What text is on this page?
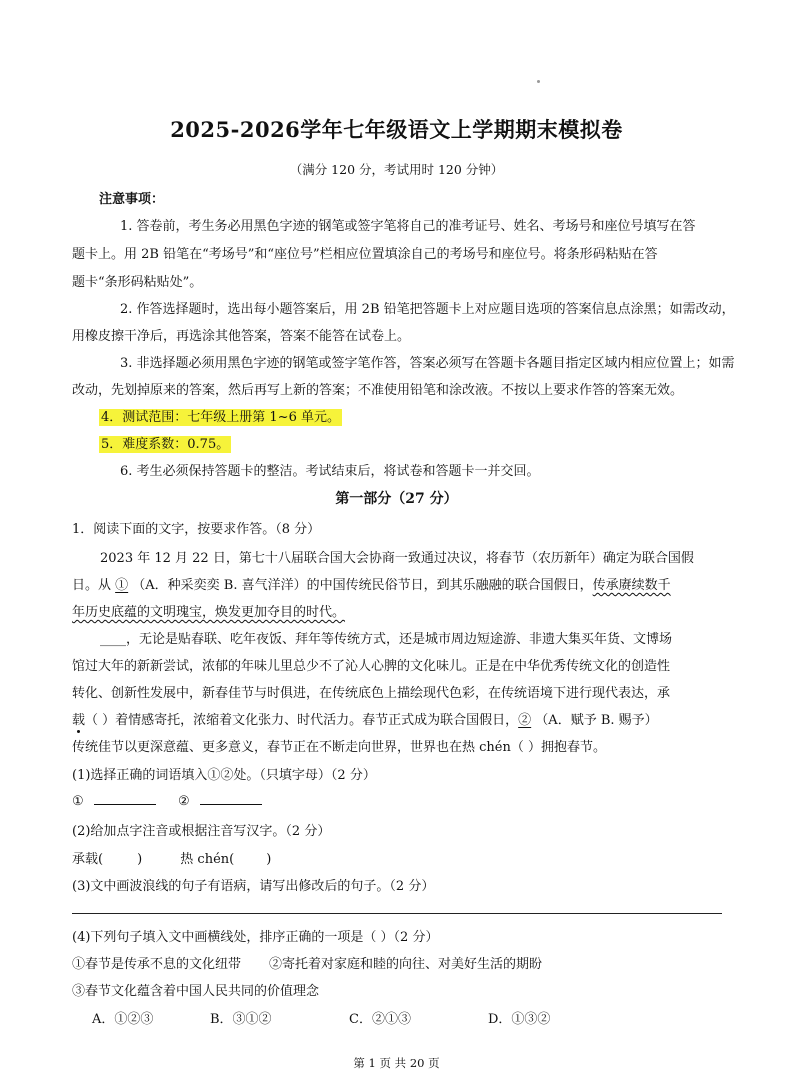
2025-2026学年七年级语文上学期期末模拟卷
（满分 120 分，考试用时 120 分钟）
注意事项：
1. 答卷前，考生务必用黑色字迹的钢笔或签字笔将自己的准考证号、姓名、考场号和座位号填写在答
题卡上。用 2B 铅笔在“考场号”和“座位号”栏相应位置填涂自己的考场号和座位号。将条形码粘贴在答
题卡“条形码粘贴处”。
2. 作答选择题时，选出每小题答案后，用 2B 铅笔把答题卡上对应题目选项的答案信息点涂黑；如需改动，
用橡皮擦干净后，再选涂其他答案，答案不能答在试卷上。
3. 非选择题必须用黑色字迹的钢笔或签字笔作答，答案必须写在答题卡各题目指定区域内相应位置上；如需
改动，先划掉原来的答案，然后再写上新的答案；不准使用铅笔和涂改液。不按以上要求作答的答案无效。
4．测试范围：七年级上册第 1~6 单元。
5．难度系数：0.75。
6. 考生必须保持答题卡的整洁。考试结束后，将试卷和答题卡一并交回。
第一部分（27 分）
1．阅读下面的文字，按要求作答。（8 分）
2023 年 12 月 22 日，第七十八届联合国大会协商一致通过决议，将春节（农历新年）确定为联合国假
日。从 ① （A．种采奕奕 B. 喜气洋洋）的中国传统民俗节日，到其乐融融的联合国假日，传承赓续数千
年历史底蕴的文明瑰宝，焕发更加夺目的时代。
____，无论是贴春联、吃年夜饭、拜年等传统方式，还是城市周边短途游、非遗大集买年货、文博场
馆过大年的新新尝试，浓郁的年味儿里总少不了沁人心脾的文化味儿。正是在中华优秀传统文化的创造性
转化、创新性发展中，新春佳节与时俱进，在传统底色上描绘现代色彩，在传统语境下进行现代表达，承
载（ ）着情感寄托，浓缩着文化张力、时代活力。春节正式成为联合国假日，② （A．赋予 B. 赐予）
传统佳节以更深意蕴、更多意义，春节正在不断走向世界，世界也在热 chén（ ）拥抱春节。
(1)选择正确的词语填入①②处。（只填字母）（2 分）
①	②
(2)给加点字注音或根据注音写汉字。（2 分）
承载(	)	热 chén( )
(3)文中画波浪线的句子有语病，请写出修改后的句子。（2 分）
(4)下列句子填入文中画横线处，排序正确的一项是（ ）（2 分）
①春节是传承不息的文化纽带 ②寄托着对家庭和睦的向往、对美好生活的期盼
③春节文化蕴含着中国人民共同的价值理念
A．①②③	B．③①②	C．②①③	D．①③②
第 1 页 共 20 页
